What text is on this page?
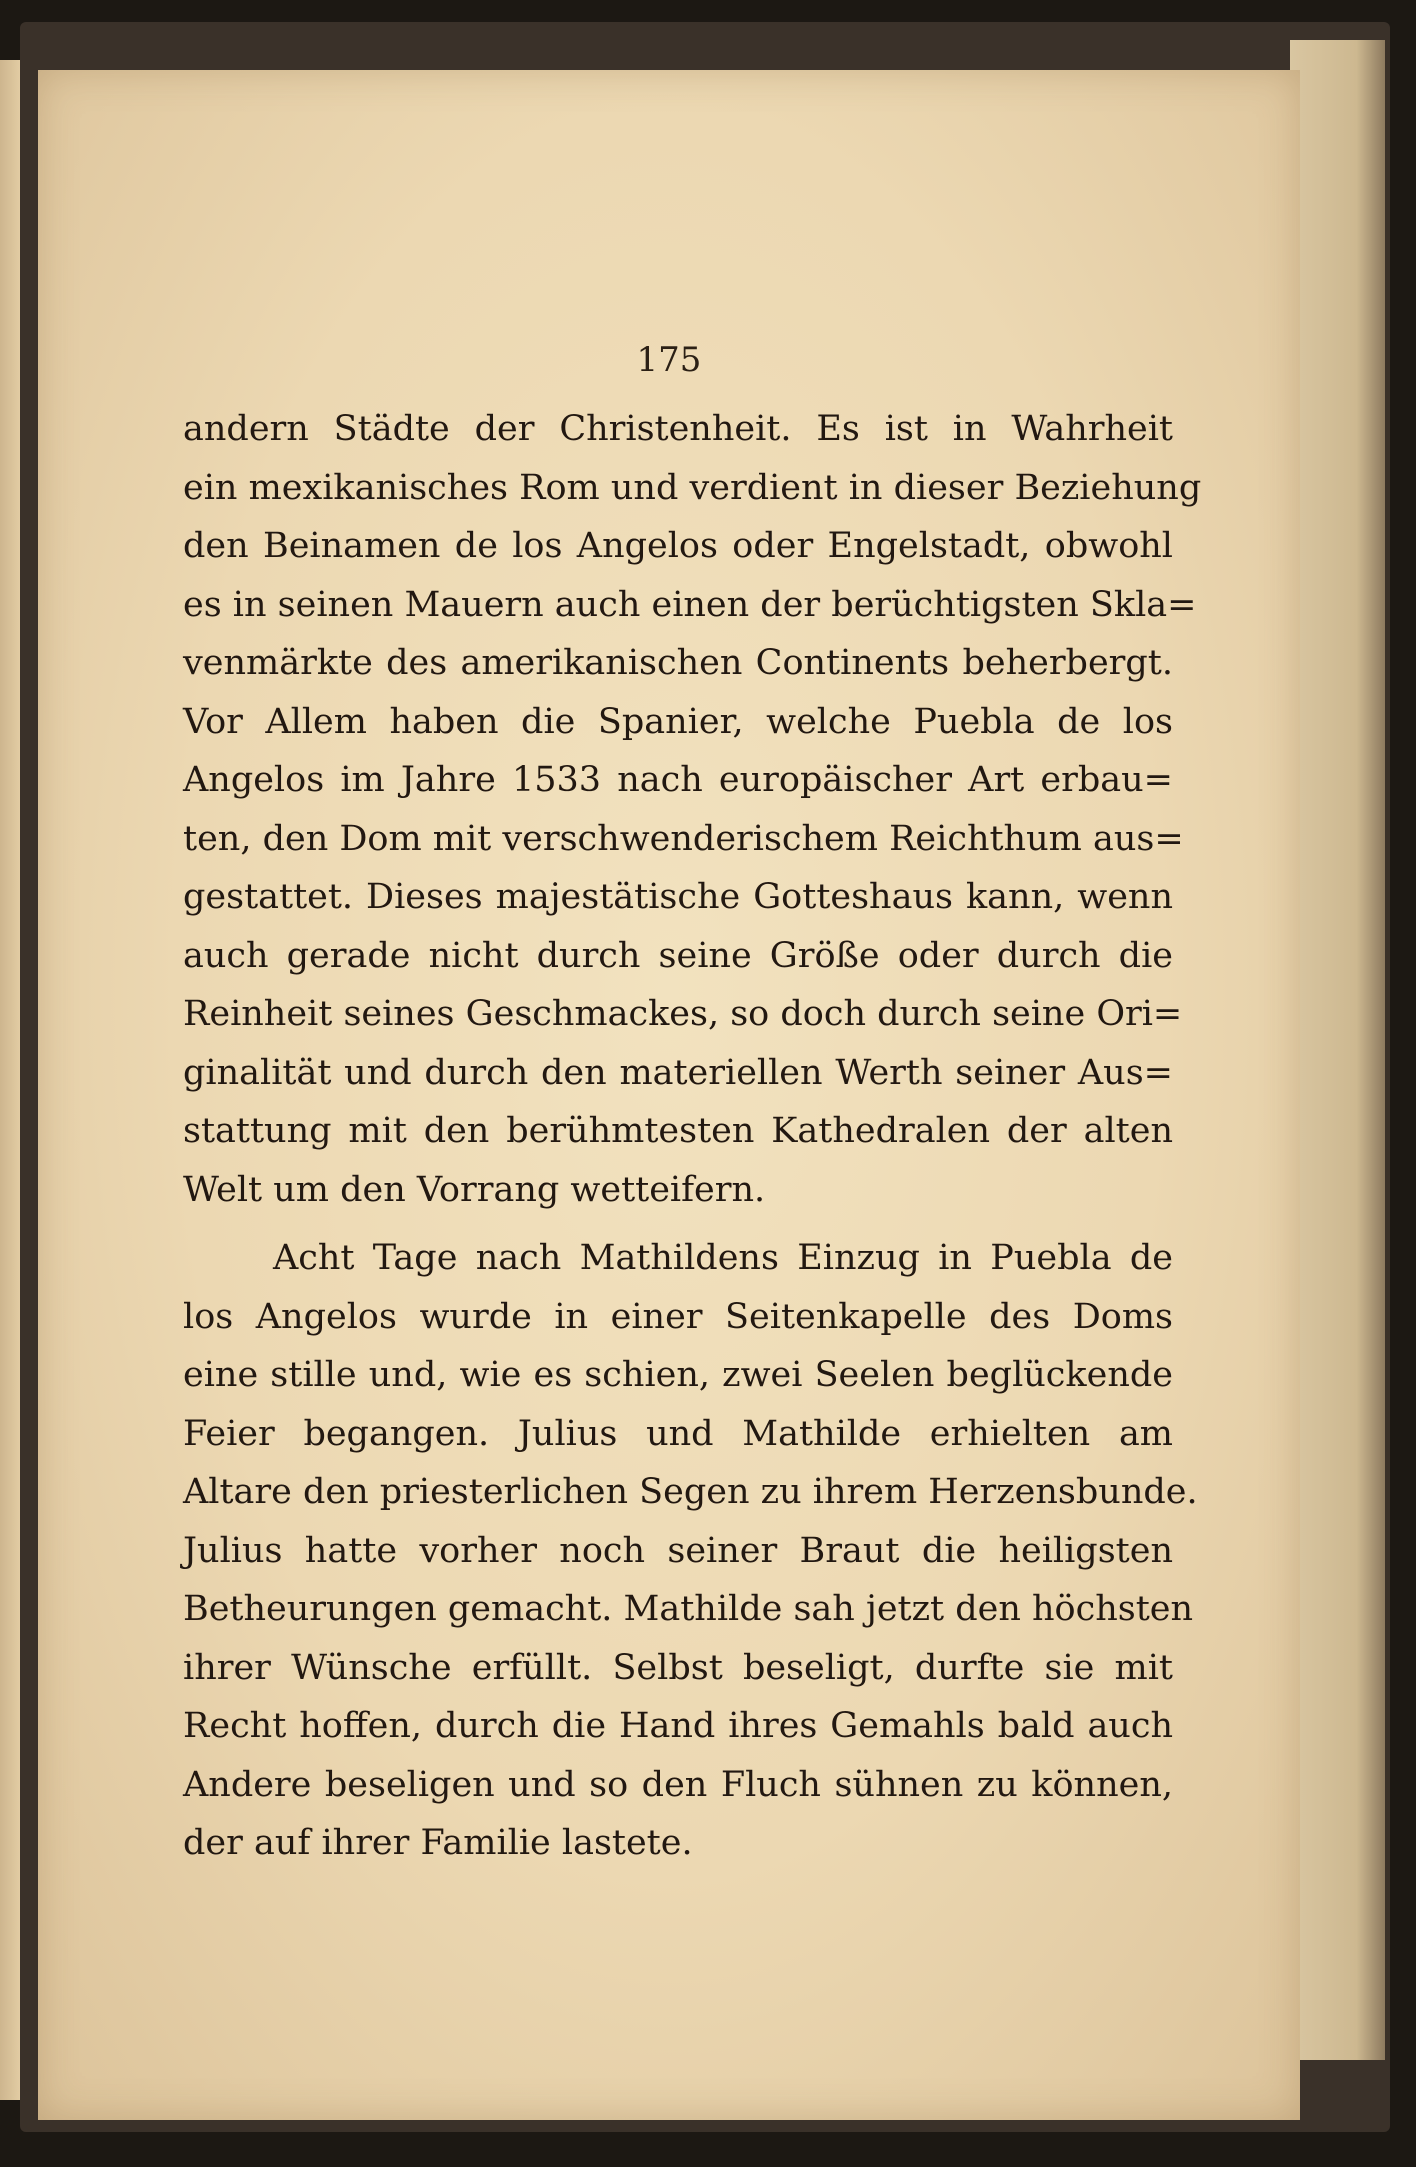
175
andern Städte der Christenheit. Es ist in Wahrheit
ein mexikanisches Rom und verdient in dieser Beziehung
den Beinamen de los Angelos oder Engelstadt, obwohl
es in seinen Mauern auch einen der berüchtigsten Skla=
venmärkte des amerikanischen Continents beherbergt.
Vor Allem haben die Spanier, welche Puebla de los
Angelos im Jahre 1533 nach europäischer Art erbau=
ten, den Dom mit verschwenderischem Reichthum aus=
gestattet. Dieses majestätische Gotteshaus kann, wenn
auch gerade nicht durch seine Größe oder durch die
Reinheit seines Geschmackes, so doch durch seine Ori=
ginalität und durch den materiellen Werth seiner Aus=
stattung mit den berühmtesten Kathedralen der alten
Welt um den Vorrang wetteifern.
Acht Tage nach Mathildens Einzug in Puebla de
los Angelos wurde in einer Seitenkapelle des Doms
eine stille und, wie es schien, zwei Seelen beglückende
Feier begangen. Julius und Mathilde erhielten am
Altare den priesterlichen Segen zu ihrem Herzensbunde.
Julius hatte vorher noch seiner Braut die heiligsten
Betheurungen gemacht. Mathilde sah jetzt den höchsten
ihrer Wünsche erfüllt. Selbst beseligt, durfte sie mit
Recht hoffen, durch die Hand ihres Gemahls bald auch
Andere beseligen und so den Fluch sühnen zu können,
der auf ihrer Familie lastete.
